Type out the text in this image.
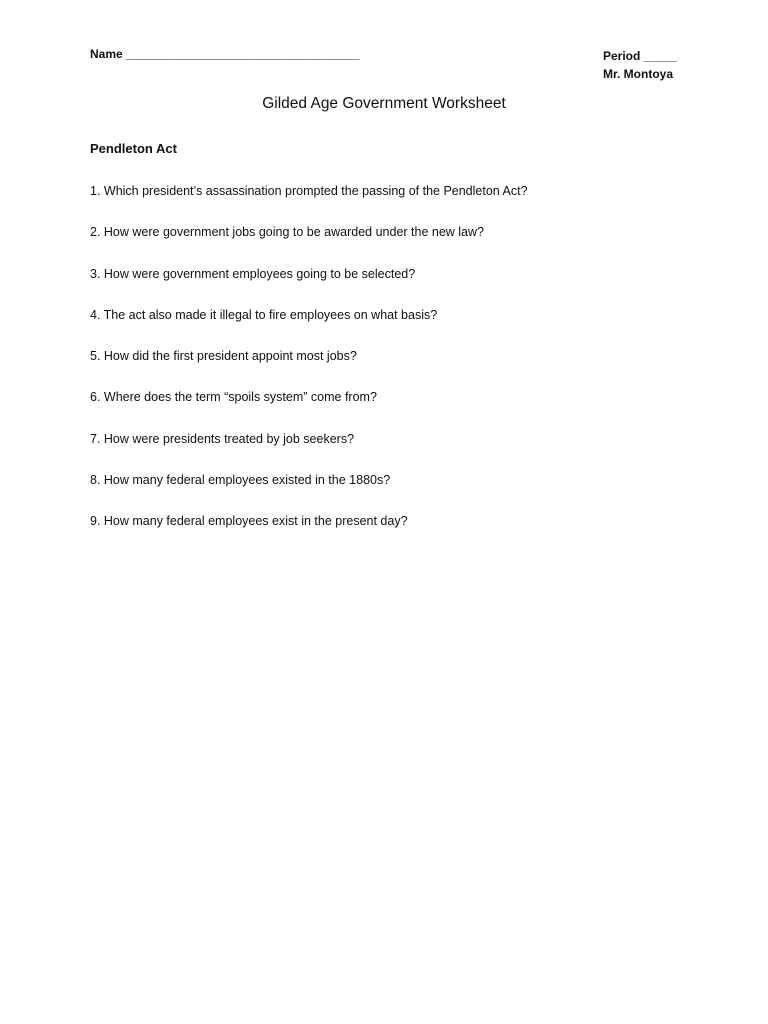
Name ___________________________________	Period _____
Mr. Montoya
Gilded Age Government Worksheet
Pendleton Act
1. Which president’s assassination prompted the passing of the Pendleton Act?
2. How were government jobs going to be awarded under the new law?
3. How were government employees going to be selected?
4. The act also made it illegal to fire employees on what basis?
5. How did the first president appoint most jobs?
6. Where does the term “spoils system” come from?
7. How were presidents treated by job seekers?
8. How many federal employees existed in the 1880s?
9. How many federal employees exist in the present day?
